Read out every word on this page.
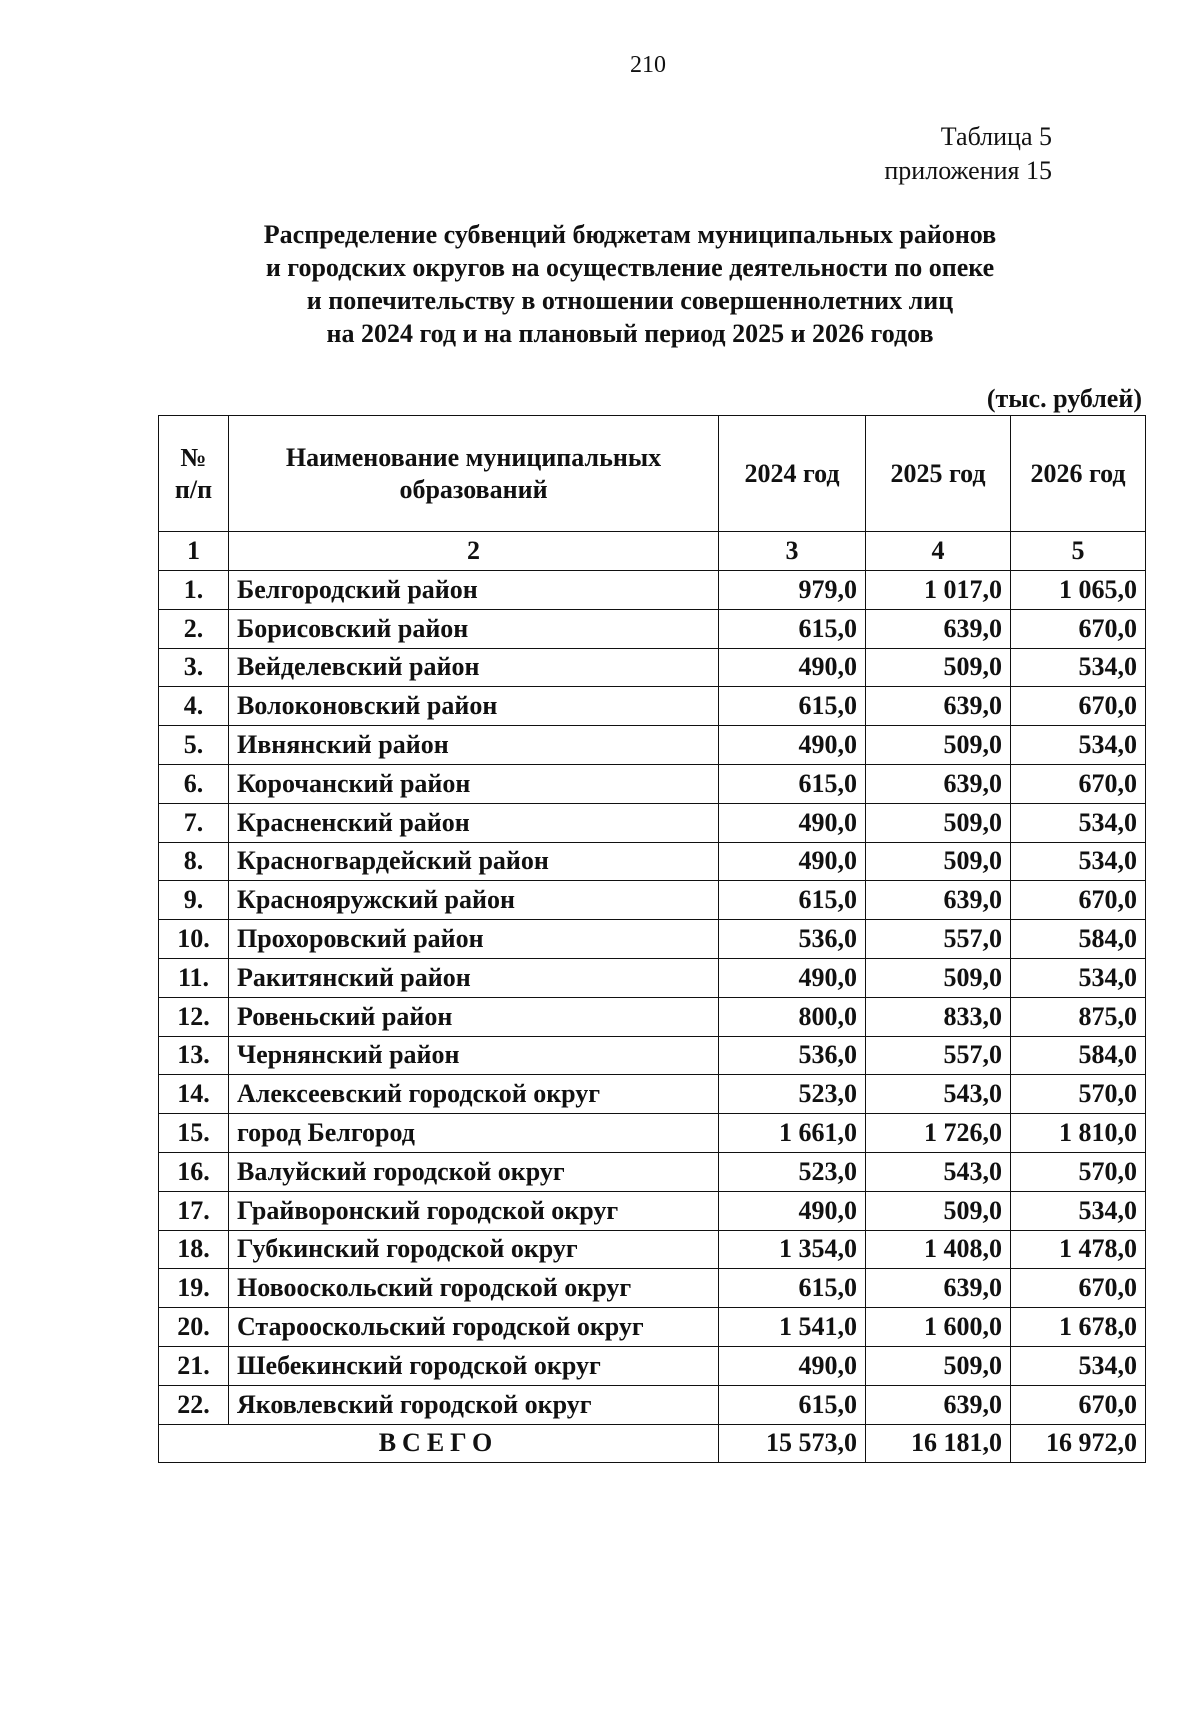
210
Таблица 5
приложения 15
Распределение субвенций бюджетам муниципальных районов
и городских округов на осуществление деятельности по опеке
и попечительству в отношении совершеннолетних лиц
на 2024 год и на плановый период 2025 и 2026 годов
(тыс. рублей)
№ п/п	Наименование муниципальных образований	2024 год	2025 год	2026 год
1	2	3	4	5
1.	Белгородский район	979,0	1 017,0	1 065,0
2.	Борисовский район	615,0	639,0	670,0
3.	Вейделевский район	490,0	509,0	534,0
4.	Волоконовский район	615,0	639,0	670,0
5.	Ивнянский район	490,0	509,0	534,0
6.	Корочанский район	615,0	639,0	670,0
7.	Красненский район	490,0	509,0	534,0
8.	Красногвардейский район	490,0	509,0	534,0
9.	Краснояружский район	615,0	639,0	670,0
10.	Прохоровский район	536,0	557,0	584,0
11.	Ракитянский район	490,0	509,0	534,0
12.	Ровеньский район	800,0	833,0	875,0
13.	Чернянский район	536,0	557,0	584,0
14.	Алексеевский городской округ	523,0	543,0	570,0
15.	город Белгород	1 661,0	1 726,0	1 810,0
16.	Валуйский городской округ	523,0	543,0	570,0
17.	Грайворонский городской округ	490,0	509,0	534,0
18.	Губкинский городской округ	1 354,0	1 408,0	1 478,0
19.	Новооскольский городской округ	615,0	639,0	670,0
20.	Старооскольский городской округ	1 541,0	1 600,0	1 678,0
21.	Шебекинский городской округ	490,0	509,0	534,0
22.	Яковлевский городской округ	615,0	639,0	670,0
ВСЕГО		15 573,0	16 181,0	16 972,0
